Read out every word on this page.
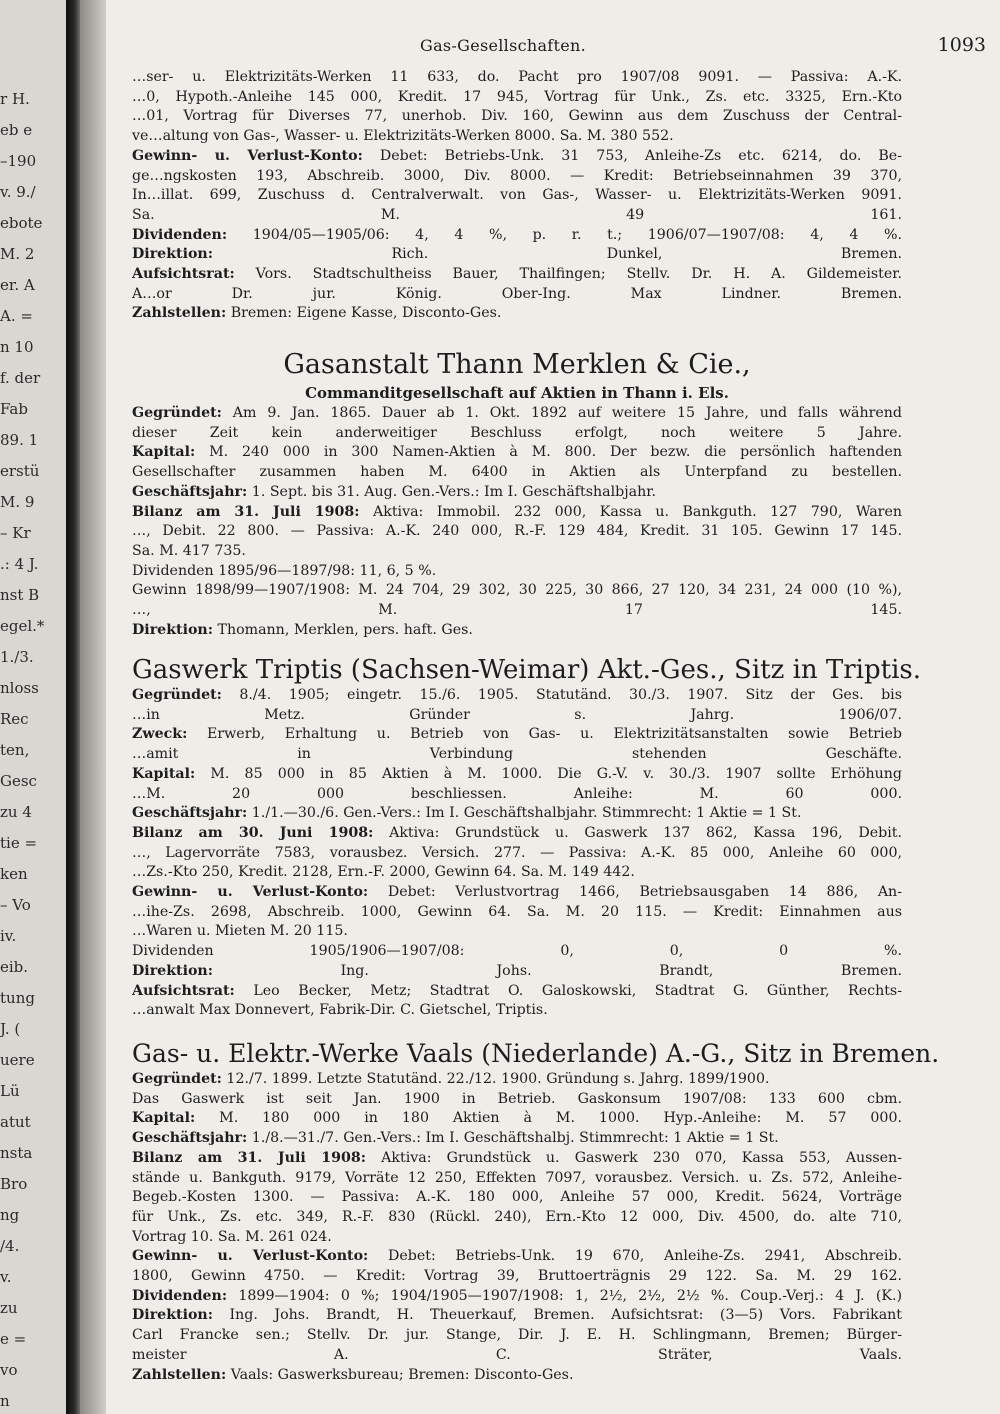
r H.
eb e
–190
v. 9./
ebote
M. 2
er. A
A. =
n 10
f. der
Fab
89. 1
erstü
M. 9
– Kr
.: 4 J.
nst B
egel.*
1./3.
nloss
Rec
ten,
Gesc
zu 4
tie =
ken
– Vo
iv.
eib.
tung
J. (
uere
Lü
atut
nsta
Bro
ng
/4.
v.
zu
e =
vo
n
Gas-Gesellschaften.	1093
…ser- u. Elektrizitäts-Werken 11 633, do. Pacht pro 1907/08 9091. — Passiva: A.-K.
…0, Hypoth.-Anleihe 145 000, Kredit. 17 945, Vortrag für Unk., Zs. etc. 3325, Ern.-Kto
…01, Vortrag für Diverses 77, unerhob. Div. 160, Gewinn aus dem Zuschuss der Central-
ve…altung von Gas-, Wasser- u. Elektrizitäts-Werken 8000. Sa. M. 380 552.
Gewinn- u. Verlust-Konto: Debet: Betriebs-Unk. 31 753, Anleihe-Zs etc. 6214, do. Be-
ge…ngskosten 193, Abschreib. 3000, Div. 8000. — Kredit: Betriebseinnahmen 39 370,
In…illat. 699, Zuschuss d. Centralverwalt. von Gas-, Wasser- u. Elektrizitäts-Werken 9091.
Sa. M. 49 161.
Dividenden: 1904/05—1905/06: 4, 4 %, p. r. t.; 1906/07—1907/08: 4, 4 %.
Direktion: Rich. Dunkel, Bremen.
Aufsichtsrat: Vors. Stadtschultheiss Bauer, Thailfingen; Stellv. Dr. H. A. Gildemeister.
A…or Dr. jur. König. Ober-Ing. Max Lindner. Bremen.
Zahlstellen: Bremen: Eigene Kasse, Disconto-Ges.
Gasanstalt Thann Merklen & Cie.,
Commanditgesellschaft auf Aktien in Thann i. Els.
Gegründet: Am 9. Jan. 1865. Dauer ab 1. Okt. 1892 auf weitere 15 Jahre, und falls während
dieser Zeit kein anderweitiger Beschluss erfolgt, noch weitere 5 Jahre.
Kapital: M. 240 000 in 300 Namen-Aktien à M. 800. Der bezw. die persönlich haftenden
Gesellschafter zusammen haben M. 6400 in Aktien als Unterpfand zu bestellen.
Geschäftsjahr: 1. Sept. bis 31. Aug. Gen.-Vers.: Im I. Geschäftshalbjahr.
Bilanz am 31. Juli 1908: Aktiva: Immobil. 232 000, Kassa u. Bankguth. 127 790, Waren
…, Debit. 22 800. — Passiva: A.-K. 240 000, R.-F. 129 484, Kredit. 31 105. Gewinn 17 145.
Sa. M. 417 735.
Dividenden 1895/96—1897/98: 11, 6, 5 %.
Gewinn 1898/99—1907/1908: M. 24 704, 29 302, 30 225, 30 866, 27 120, 34 231, 24 000 (10 %),
…, M. 17 145.
Direktion: Thomann, Merklen, pers. haft. Ges.
Gaswerk Triptis (Sachsen-Weimar) Akt.-Ges., Sitz in Triptis.
Gegründet: 8./4. 1905; eingetr. 15./6. 1905. Statutänd. 30./3. 1907. Sitz der Ges. bis
…in Metz. Gründer s. Jahrg. 1906/07.
Zweck: Erwerb, Erhaltung u. Betrieb von Gas- u. Elektrizitätsanstalten sowie Betrieb
…amit in Verbindung stehenden Geschäfte.
Kapital: M. 85 000 in 85 Aktien à M. 1000. Die G.-V. v. 30./3. 1907 sollte Erhöhung
…M. 20 000 beschliessen. Anleihe: M. 60 000.
Geschäftsjahr: 1./1.—30./6. Gen.-Vers.: Im I. Geschäftshalbjahr. Stimmrecht: 1 Aktie = 1 St.
Bilanz am 30. Juni 1908: Aktiva: Grundstück u. Gaswerk 137 862, Kassa 196, Debit.
…, Lagervorräte 7583, vorausbez. Versich. 277. — Passiva: A.-K. 85 000, Anleihe 60 000,
…Zs.-Kto 250, Kredit. 2128, Ern.-F. 2000, Gewinn 64. Sa. M. 149 442.
Gewinn- u. Verlust-Konto: Debet: Verlustvortrag 1466, Betriebsausgaben 14 886, An-
…ihe-Zs. 2698, Abschreib. 1000, Gewinn 64. Sa. M. 20 115. — Kredit: Einnahmen aus
…Waren u. Mieten M. 20 115.
Dividenden 1905/1906—1907/08: 0, 0, 0 %.
Direktion: Ing. Johs. Brandt, Bremen.
Aufsichtsrat: Leo Becker, Metz; Stadtrat O. Galoskowski, Stadtrat G. Günther, Rechts-
…anwalt Max Donnevert, Fabrik-Dir. C. Gietschel, Triptis.
Gas- u. Elektr.-Werke Vaals (Niederlande) A.-G., Sitz in Bremen.
Gegründet: 12./7. 1899. Letzte Statutänd. 22./12. 1900. Gründung s. Jahrg. 1899/1900.
Das Gaswerk ist seit Jan. 1900 in Betrieb. Gaskonsum 1907/08: 133 600 cbm.
Kapital: M. 180 000 in 180 Aktien à M. 1000. Hyp.-Anleihe: M. 57 000.
Geschäftsjahr: 1./8.—31./7. Gen.-Vers.: Im I. Geschäftshalbj. Stimmrecht: 1 Aktie = 1 St.
Bilanz am 31. Juli 1908: Aktiva: Grundstück u. Gaswerk 230 070, Kassa 553, Aussen-
stände u. Bankguth. 9179, Vorräte 12 250, Effekten 7097, vorausbez. Versich. u. Zs. 572, Anleihe-
Begeb.-Kosten 1300. — Passiva: A.-K. 180 000, Anleihe 57 000, Kredit. 5624, Vorträge
für Unk., Zs. etc. 349, R.-F. 830 (Rückl. 240), Ern.-Kto 12 000, Div. 4500, do. alte 710,
Vortrag 10. Sa. M. 261 024.
Gewinn- u. Verlust-Konto: Debet: Betriebs-Unk. 19 670, Anleihe-Zs. 2941, Abschreib.
1800, Gewinn 4750. — Kredit: Vortrag 39, Bruttoerträgnis 29 122. Sa. M. 29 162.
Dividenden: 1899—1904: 0 %; 1904/1905—1907/1908: 1, 2½, 2½, 2½ %. Coup.-Verj.: 4 J. (K.)
Direktion: Ing. Johs. Brandt, H. Theuerkauf, Bremen. Aufsichtsrat: (3—5) Vors. Fabrikant
Carl Francke sen.; Stellv. Dr. jur. Stange, Dir. J. E. H. Schlingmann, Bremen; Bürger-
meister A. C. Sträter, Vaals.
Zahlstellen: Vaals: Gaswerksbureau; Bremen: Disconto-Ges.
